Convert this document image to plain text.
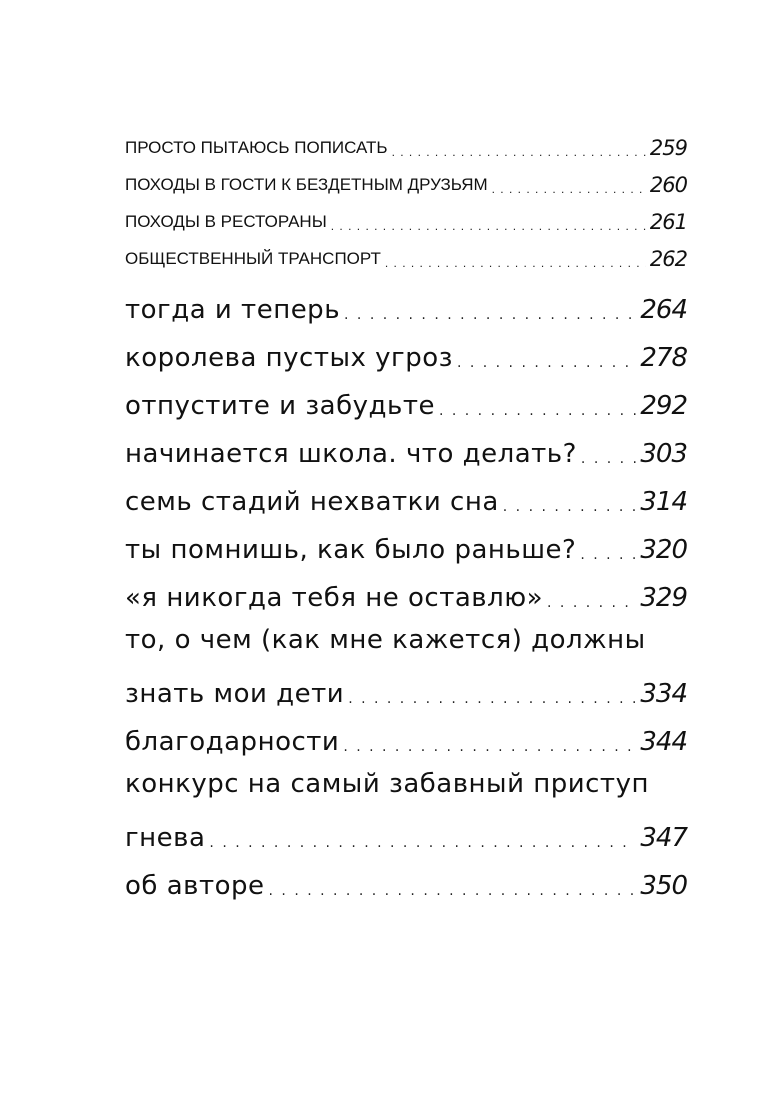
ПРОСТО ПЫТАЮСЬ ПОПИСАТЬ . . .	259
ПОХОДЫ В ГОСТИ К БЕЗДЕТНЫМ ДРУЗЬЯМ . . .	260
ПОХОДЫ В РЕСТОРАНЫ . . .	261
ОБЩЕСТВЕННЫЙ ТРАНСПОРТ . . .	262
тогда и теперь . . .	264
королева пустых угроз . . .	278
отпустите и забудьте . . .	292
начинается школа. что делать? . . . 303
семь стадий нехватки сна . . .	314
ты помнишь, как было раньше? . . . 320
«я никогда тебя не оставлю» . . .	329
то, о чем (как мне кажется) должны
знать мои дети . . .	334
благодарности . . .	344
конкурс на самый забавный приступ
гнева . . .	347
об авторе . . .	350
